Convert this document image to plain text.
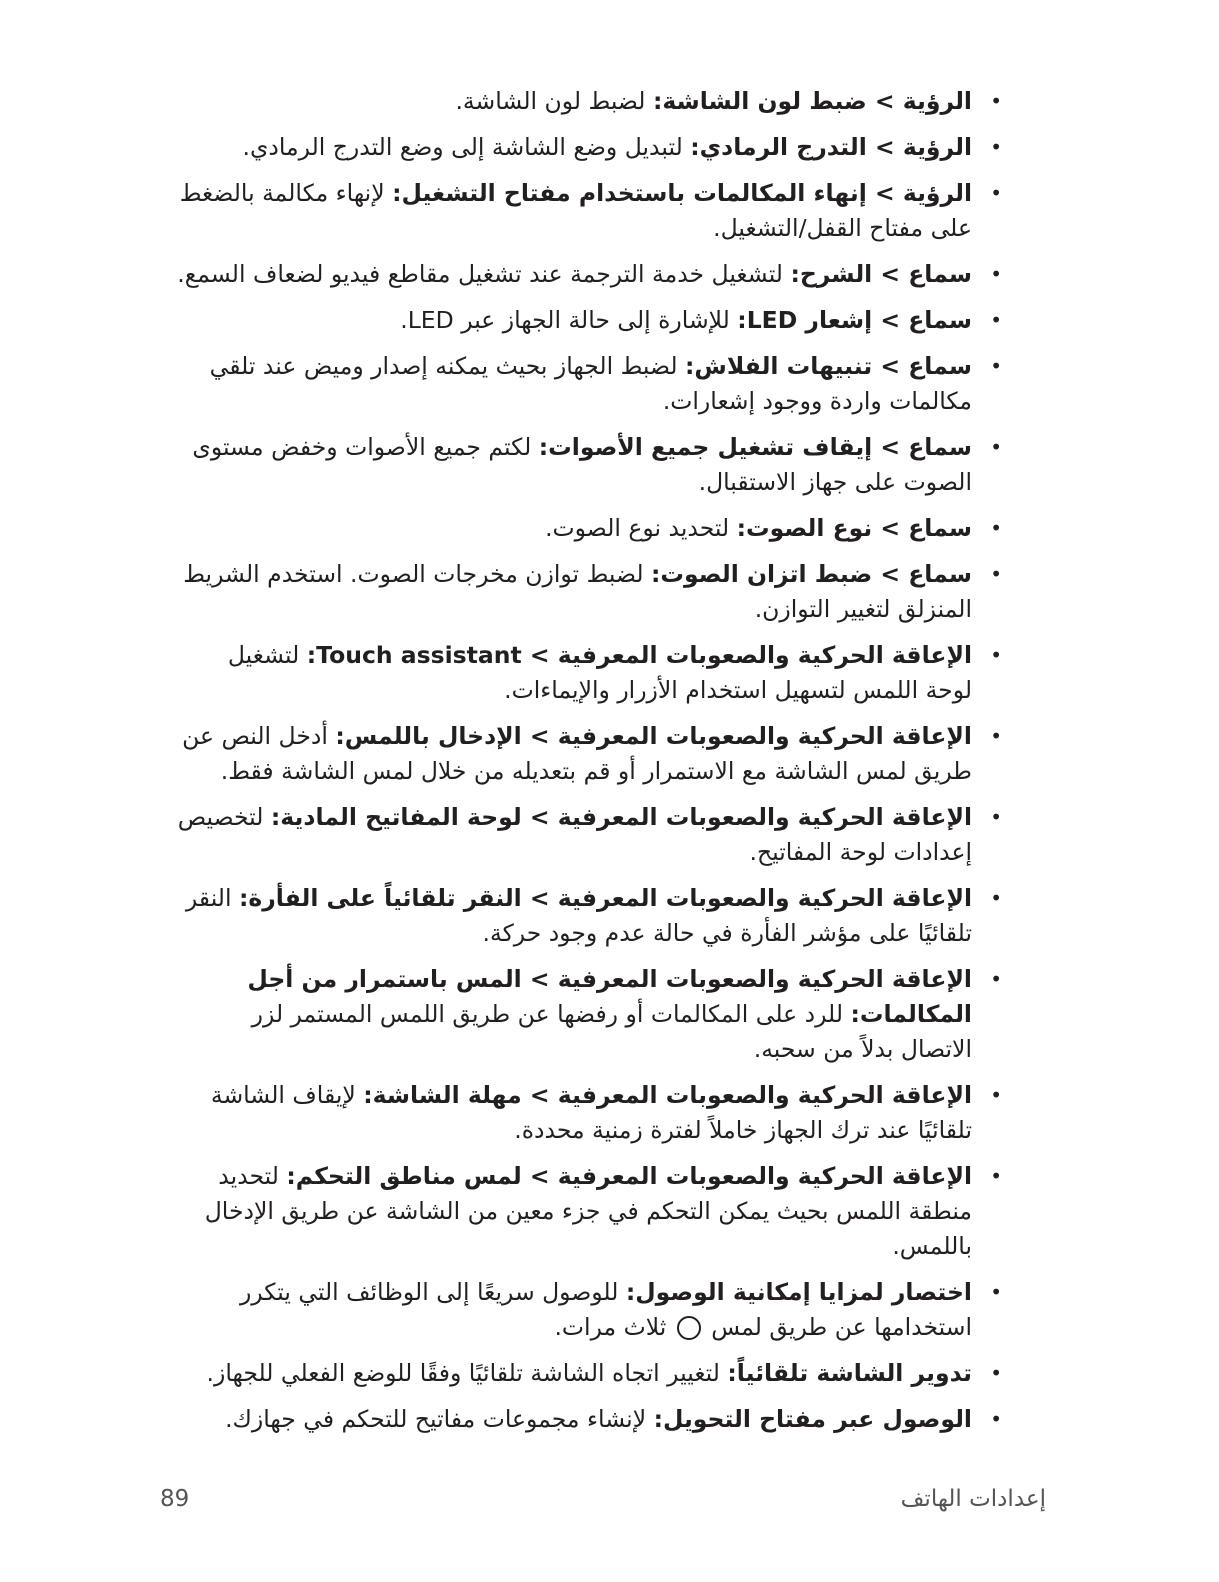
• الرؤية > ضبط لون الشاشة: لضبط لون الشاشة.
• الرؤية > التدرج الرمادي: لتبديل وضع الشاشة إلى وضع التدرج الرمادي.
• الرؤية > إنهاء المكالمات باستخدام مفتاح التشغيل: لإنهاء مكالمة بالضغط على مفتاح القفل/التشغيل.
• سماع > الشرح: لتشغيل خدمة الترجمة عند تشغيل مقاطع فيديو لضعاف السمع.
• سماع > إشعار LED: للإشارة إلى حالة الجهاز عبر LED.
• سماع > تنبيهات الفلاش: لضبط الجهاز بحيث يمكنه إصدار وميض عند تلقي مكالمات واردة ووجود إشعارات.
• سماع > إيقاف تشغيل جميع الأصوات: لكتم جميع الأصوات وخفض مستوى الصوت على جهاز الاستقبال.
• سماع > نوع الصوت: لتحديد نوع الصوت.
• سماع > ضبط اتزان الصوت: لضبط توازن مخرجات الصوت. استخدم الشريط المنزلق لتغيير التوازن.
• الإعاقة الحركية والصعوبات المعرفية > Touch assistant: لتشغيل لوحة اللمس لتسهيل استخدام الأزرار والإيماءات.
• الإعاقة الحركية والصعوبات المعرفية > الإدخال باللمس: أدخل النص عن طريق لمس الشاشة مع الاستمرار أو قم بتعديله من خلال لمس الشاشة فقط.
• الإعاقة الحركية والصعوبات المعرفية > لوحة المفاتيح المادية: لتخصيص إعدادات لوحة المفاتيح.
• الإعاقة الحركية والصعوبات المعرفية > النقر تلقائياً على الفأرة: النقر تلقائيًا على مؤشر الفأرة في حالة عدم وجود حركة.
• الإعاقة الحركية والصعوبات المعرفية > المس باستمرار من أجل المكالمات: للرد على المكالمات أو رفضها عن طريق اللمس المستمر لزر الاتصال بدلاً من سحبه.
• الإعاقة الحركية والصعوبات المعرفية > مهلة الشاشة: لإيقاف الشاشة تلقائيًا عند ترك الجهاز خاملاً لفترة زمنية محددة.
• الإعاقة الحركية والصعوبات المعرفية > لمس مناطق التحكم: لتحديد منطقة اللمس بحيث يمكن التحكم في جزء معين من الشاشة عن طريق الإدخال باللمس.
• اختصار لمزايا إمكانية الوصول: للوصول سريعًا إلى الوظائف التي يتكرر استخدامها عن طريق لمس  ثلاث مرات.
• تدوير الشاشة تلقائياً: لتغيير اتجاه الشاشة تلقائيًا وفقًا للوضع الفعلي للجهاز.
• الوصول عبر مفتاح التحويل: لإنشاء مجموعات مفاتيح للتحكم في جهازك.
إعدادات الهاتف
89
